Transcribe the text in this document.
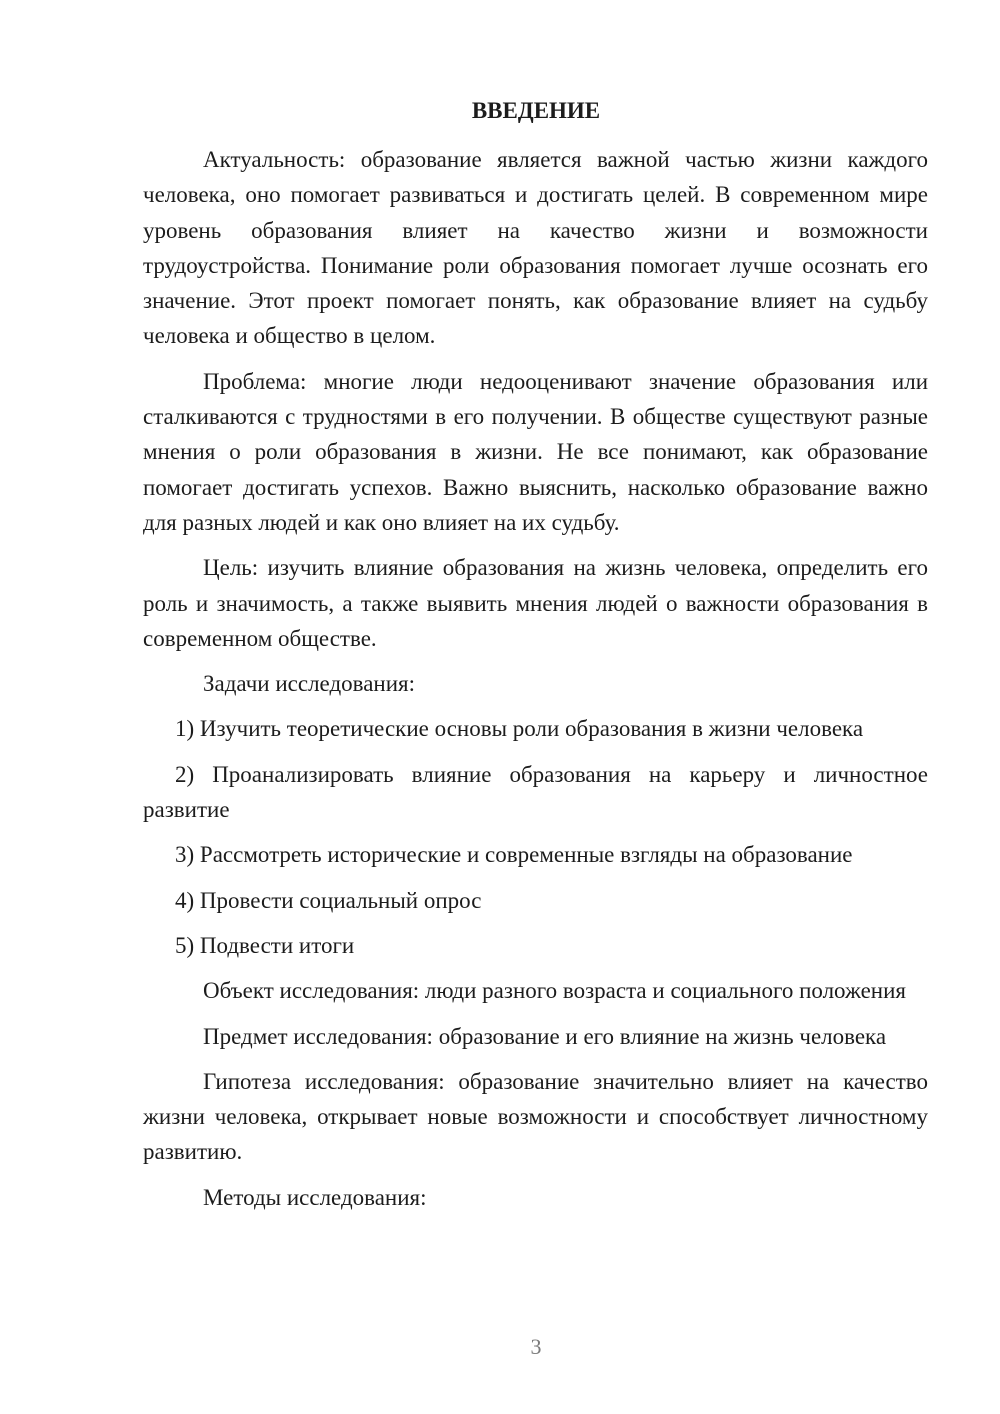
ВВЕДЕНИЕ

Актуальность: образование является важной частью жизни каждого человека, оно помогает развиваться и достигать целей. В современном мире уровень образования влияет на качество жизни и возможности трудоустройства. Понимание роли образования помогает лучше осознать его значение. Этот проект помогает понять, как образование влияет на судьбу человека и общество в целом.

Проблема: многие люди недооценивают значение образования или сталкиваются с трудностями в его получении. В обществе существуют разные мнения о роли образования в жизни. Не все понимают, как образование помогает достигать успехов. Важно выяснить, насколько образование важно для разных людей и как оно влияет на их судьбу.

Цель: изучить влияние образования на жизнь человека, определить его роль и значимость, а также выявить мнения людей о важности образования в современном обществе.

Задачи исследования:

1) Изучить теоретические основы роли образования в жизни человека

2) Проанализировать влияние образования на карьеру и личностное развитие

3) Рассмотреть исторические и современные взгляды на образование

4) Провести социальный опрос

5) Подвести итоги

Объект исследования: люди разного возраста и социального положения

Предмет исследования: образование и его влияние на жизнь человека

Гипотеза исследования: образование значительно влияет на качество жизни человека, открывает новые возможности и способствует личностному развитию.

Методы исследования:

3
